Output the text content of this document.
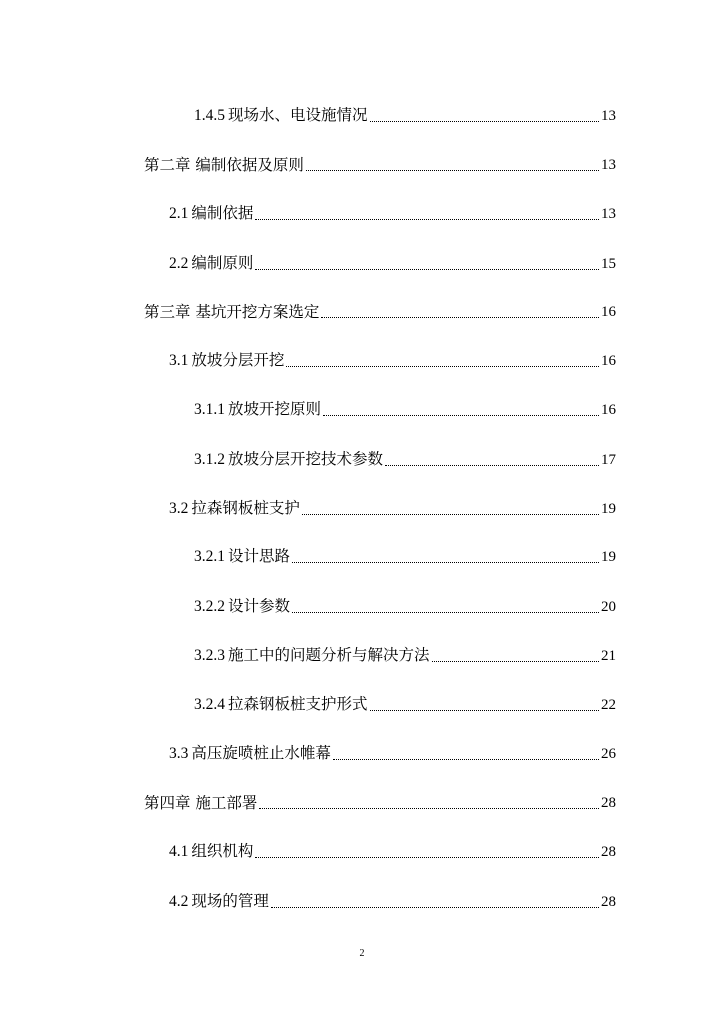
1.4.5 现场水、电设施情况	13
第二章 编制依据及原则	13
2.1 编制依据	13
2.2 编制原则	15
第三章 基坑开挖方案选定	16
3.1 放坡分层开挖	16
3.1.1 放坡开挖原则	16
3.1.2 放坡分层开挖技术参数	17
3.2 拉森钢板桩支护	19
3.2.1 设计思路	19
3.2.2 设计参数	20
3.2.3 施工中的问题分析与解决方法	21
3.2.4 拉森钢板桩支护形式	22
3.3 高压旋喷桩止水帷幕	26
第四章 施工部署	28
4.1 组织机构	28
4.2 现场的管理	28
2
